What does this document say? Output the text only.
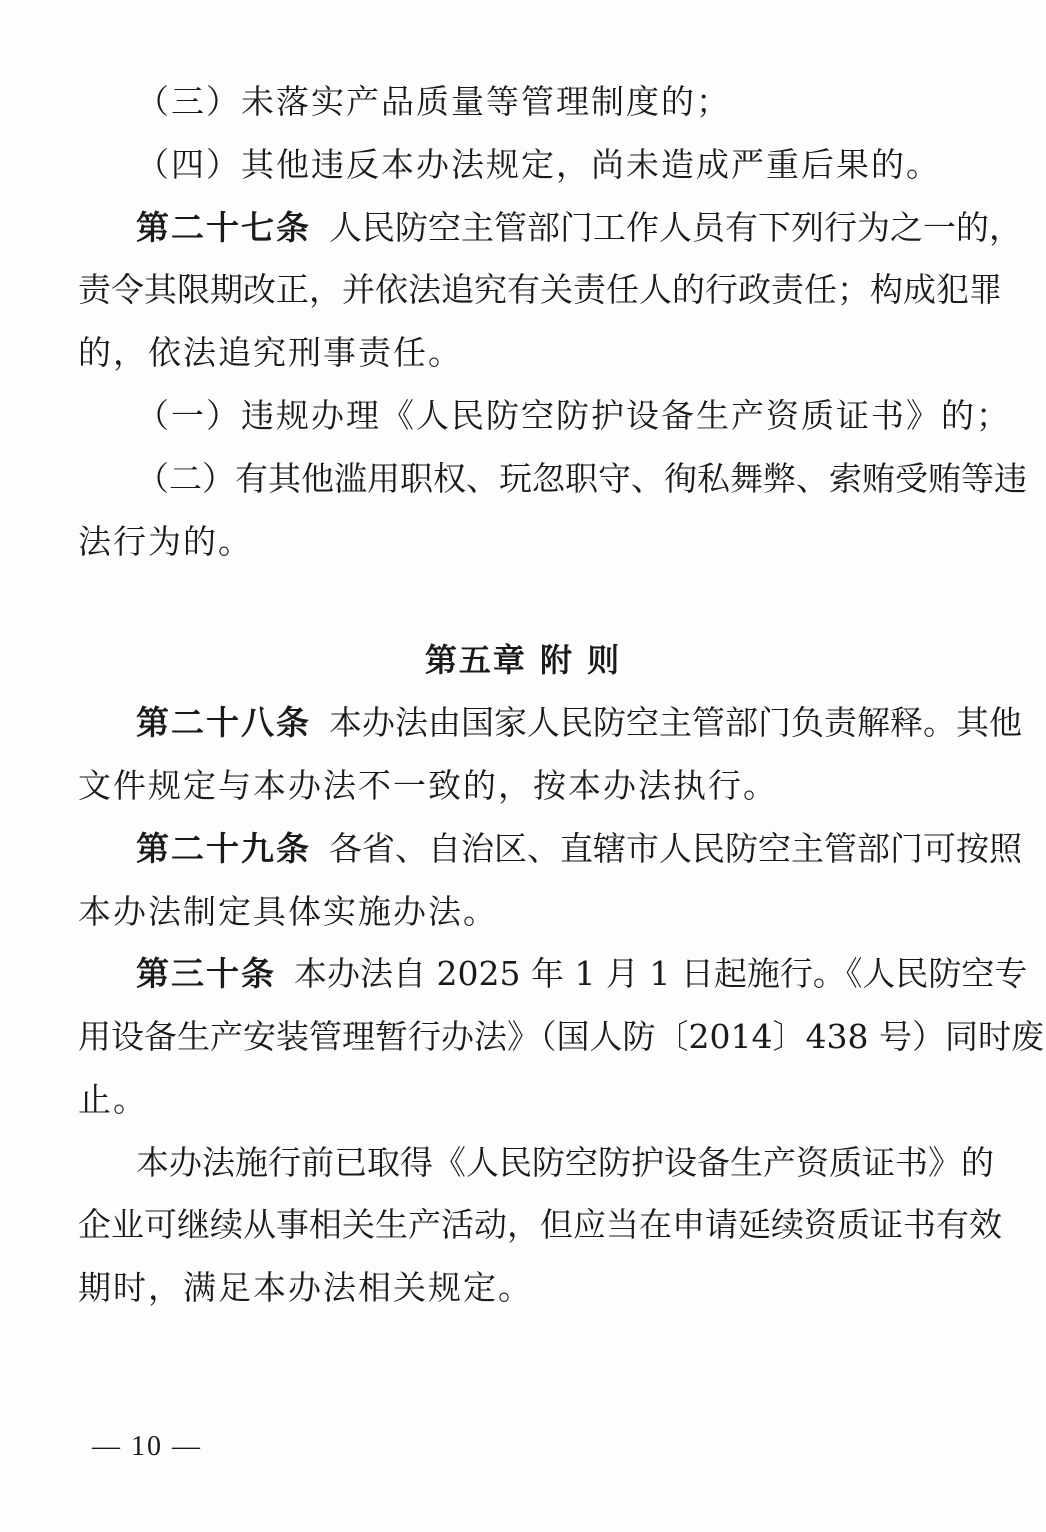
（三）未落实产品质量等管理制度的；
（四）其他违反本办法规定，尚未造成严重后果的。
第二十七条 人民防空主管部门工作人员有下列行为之一的，
责令其限期改正，并依法追究有关责任人的行政责任；构成犯罪
的，依法追究刑事责任。
（一）违规办理《人民防空防护设备生产资质证书》的；
（二）有其他滥用职权、玩忽职守、徇私舞弊、索贿受贿等违
法行为的。
第五章 附 则
第二十八条 本办法由国家人民防空主管部门负责解释。其他
文件规定与本办法不一致的，按本办法执行。
第二十九条 各省、自治区、直辖市人民防空主管部门可按照
本办法制定具体实施办法。
第三十条 本办法自 2025 年 1 月 1 日起施行。《人民防空专
用设备生产安装管理暂行办法》（国人防〔2014〕438 号）同时废
止。
本办法施行前已取得《人民防空防护设备生产资质证书》的
企业可继续从事相关生产活动，但应当在申请延续资质证书有效
期时，满足本办法相关规定。
— 10 —
